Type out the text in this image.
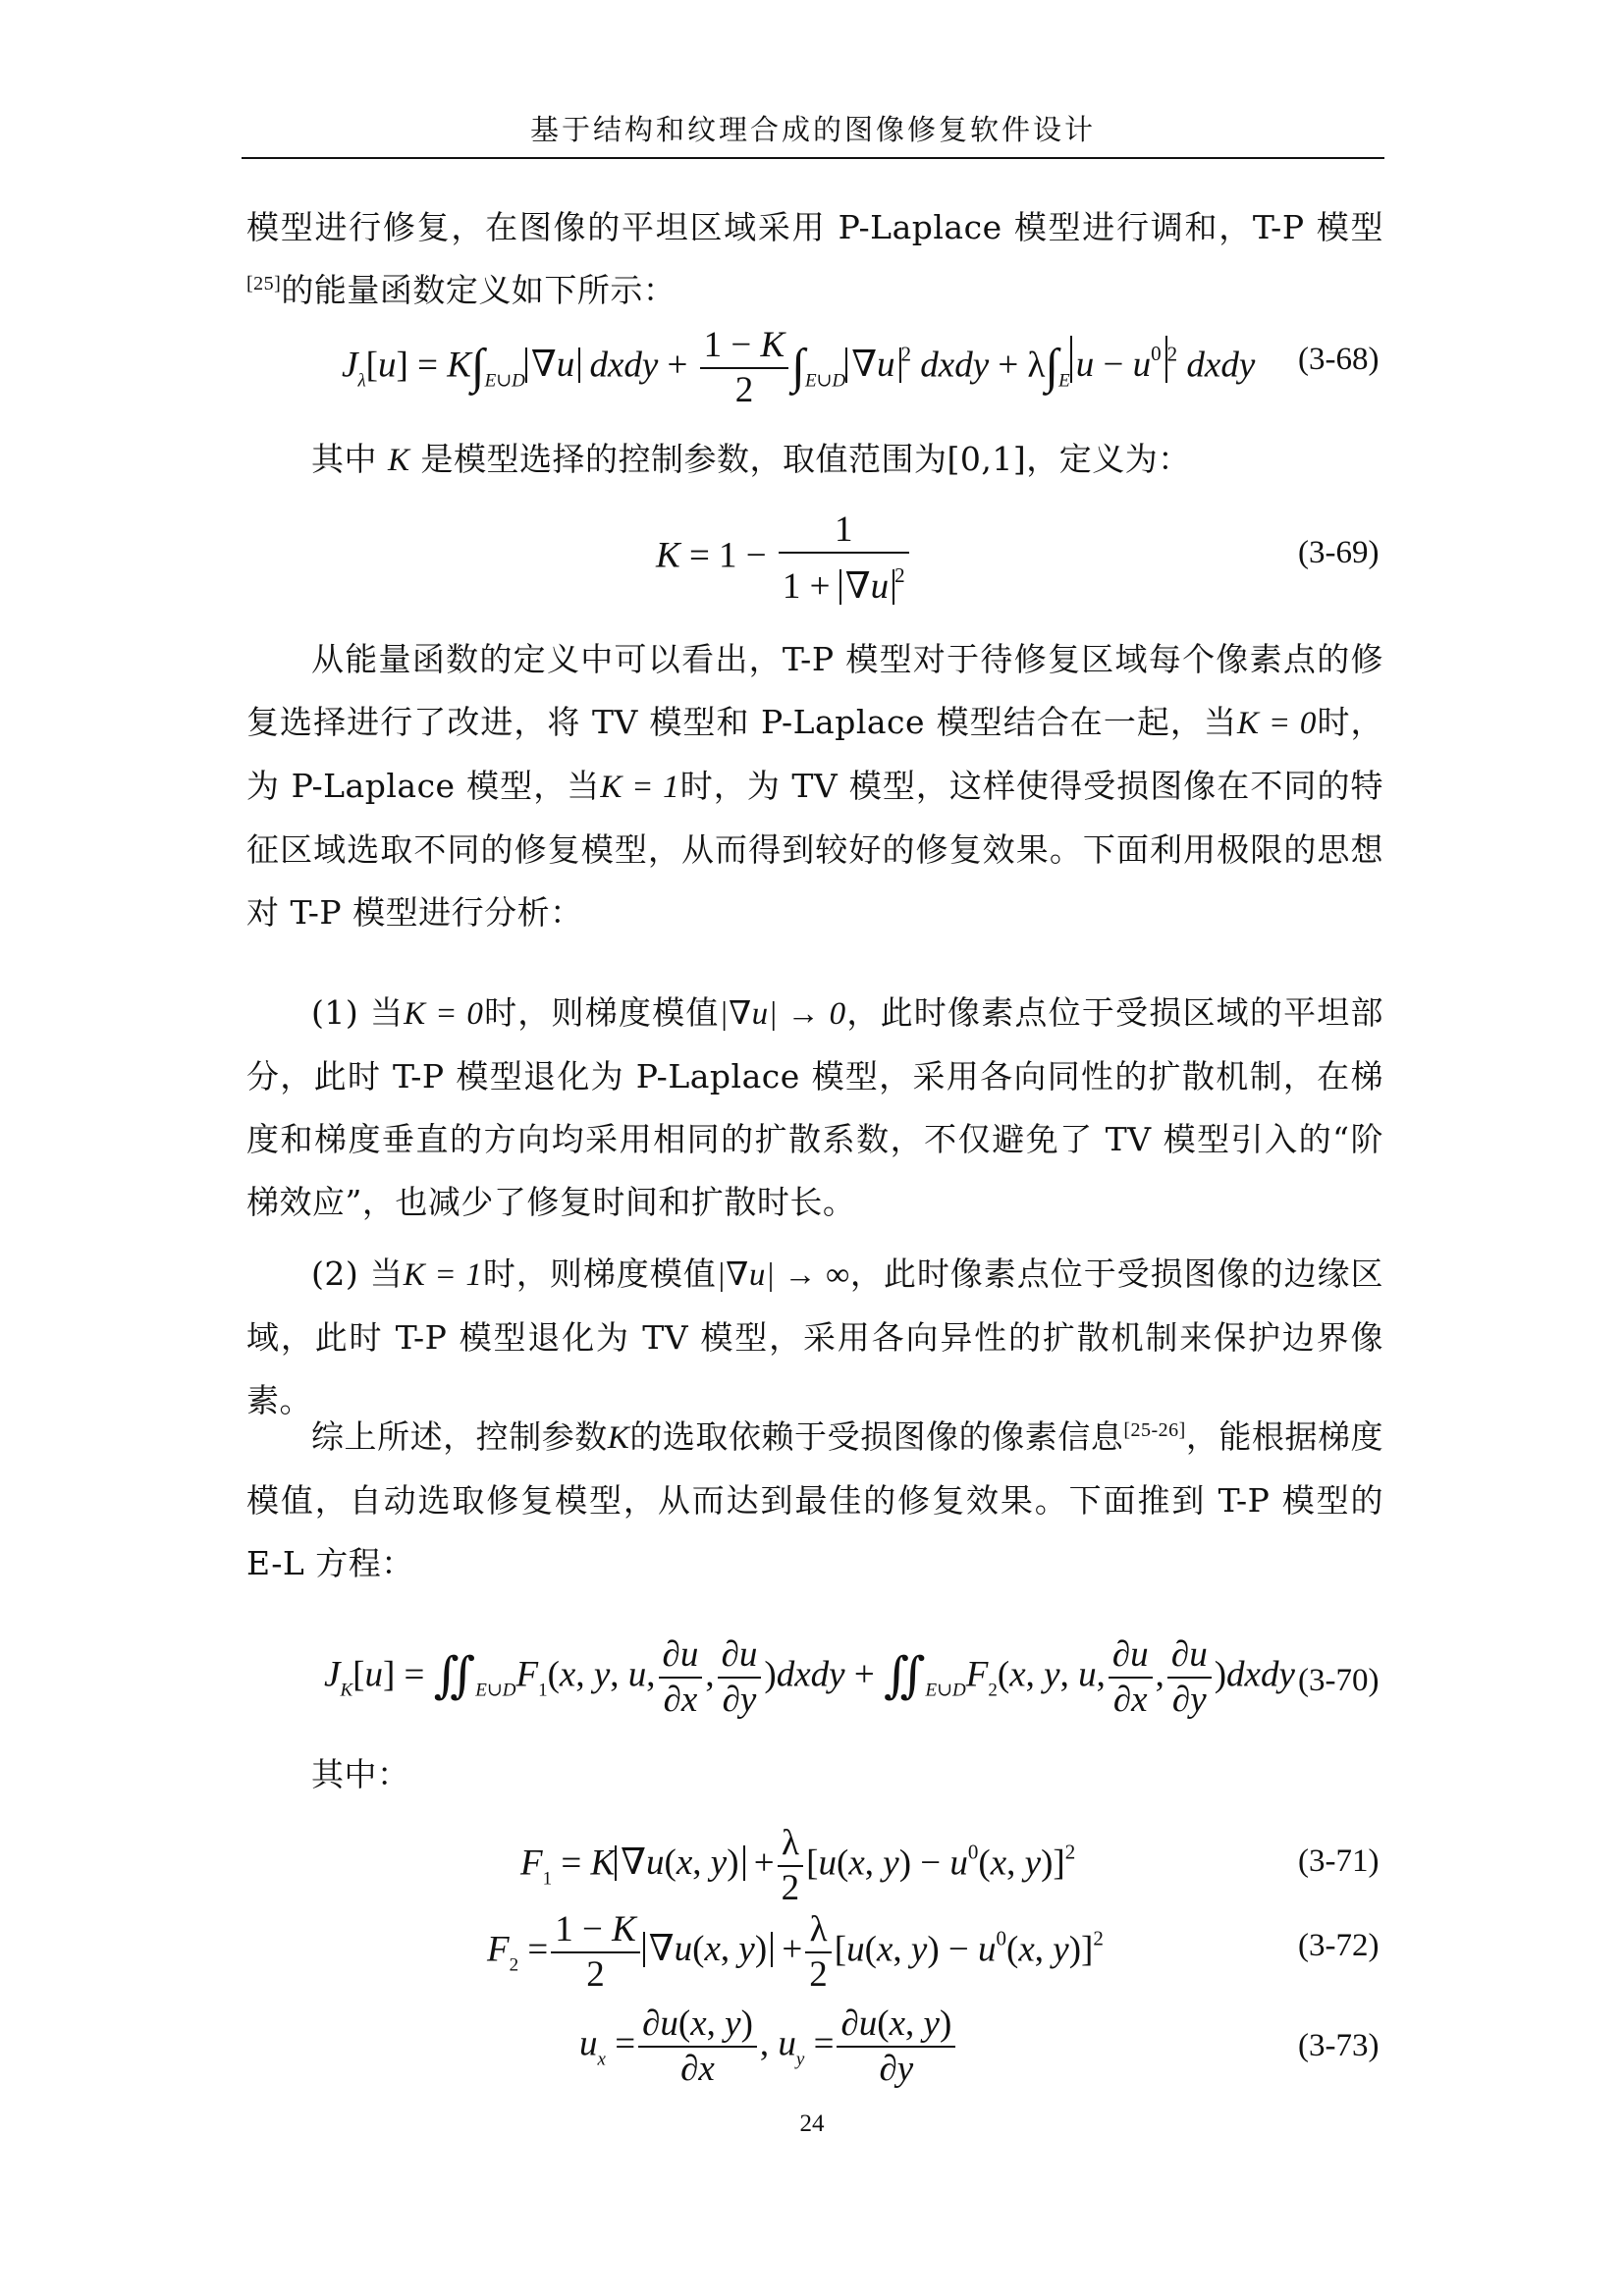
基于结构和纹理合成的图像修复软件设计
模型进行修复，在图像的平坦区域采用 P-Laplace 模型进行调和，T-P 模型[25]的能量函数定义如下所示：
$J_\lambda[u] = K\int_{E\cup D}$ ∇u dxdy + $\frac{1 - K}{2} \int_{E\cup D}$ ∇u $^2$ dxdy + $\lambda\int_E$ $u - u^0$ $^2$ dxdy (3-68)
其中 K 是模型选择的控制参数，取值范围为[0,1]，定义为：
$K = 1 - \frac{1}{1 + \nabla u ^2}$	(3-69)
从能量函数的定义中可以看出，T-P 模型对于待修复区域每个像素点的修复选择进行了改进，将 TV 模型和 P-Laplace 模型结合在一起，当K = 0时，为 P-Laplace 模型，当K = 1时，为 TV 模型，这样使得受损图像在不同的特征区域选取不同的修复模型，从而得到较好的修复效果。下面利用极限的思想对 T-P 模型进行分析：
(1) 当K = 0时，则梯度模值|∇u| → 0，此时像素点位于受损区域的平坦部分，此时 T-P 模型退化为 P-Laplace 模型，采用各向同性的扩散机制，在梯度和梯度垂直的方向均采用相同的扩散系数，不仅避免了 TV 模型引入的“阶梯效应”，也减少了修复时间和扩散时长。
(2) 当K = 1时，则梯度模值|∇u| → ∞，此时像素点位于受损图像的边缘区域，此时 T-P 模型退化为 TV 模型，采用各向异性的扩散机制来保护边界像素。
综上所述，控制参数K的选取依赖于受损图像的像素信息[25-26]，能根据梯度模值，自动选取修复模型，从而达到最佳的修复效果。下面推到 T-P 模型的 E-L 方程：
$J_K[u]$ = $∬_{E\cup D}F_1(x$, y, u, $\frac{\partial u}{\partial x}$ , $\frac{\partial u}{\partial y}$ )dxdy + $∬_{E\cup D}F_2(x$, y, u, $\frac{\partial u}{\partial x}$ , $\frac{\partial u}{\partial y}$ )dxdy (3-70)
其中：
$F_1 = K$ ∇u(x, $y) + \frac{\lambda}{2} [u(x$, $y) - u^0(x$, y)]$^2$	(3-71)
$F_2 = \frac{1 - K}{2} \nabla u(x$, $y) + \frac{\lambda}{2} [u(x$, $y) - u^0(x$, y)]$^2$	(3-72)
$u_x = \frac{\partial u(x, y)}{\partial x}$ , $u_y = \frac{\partial u(x, y)}{\partial y}$	(3-73)
24
